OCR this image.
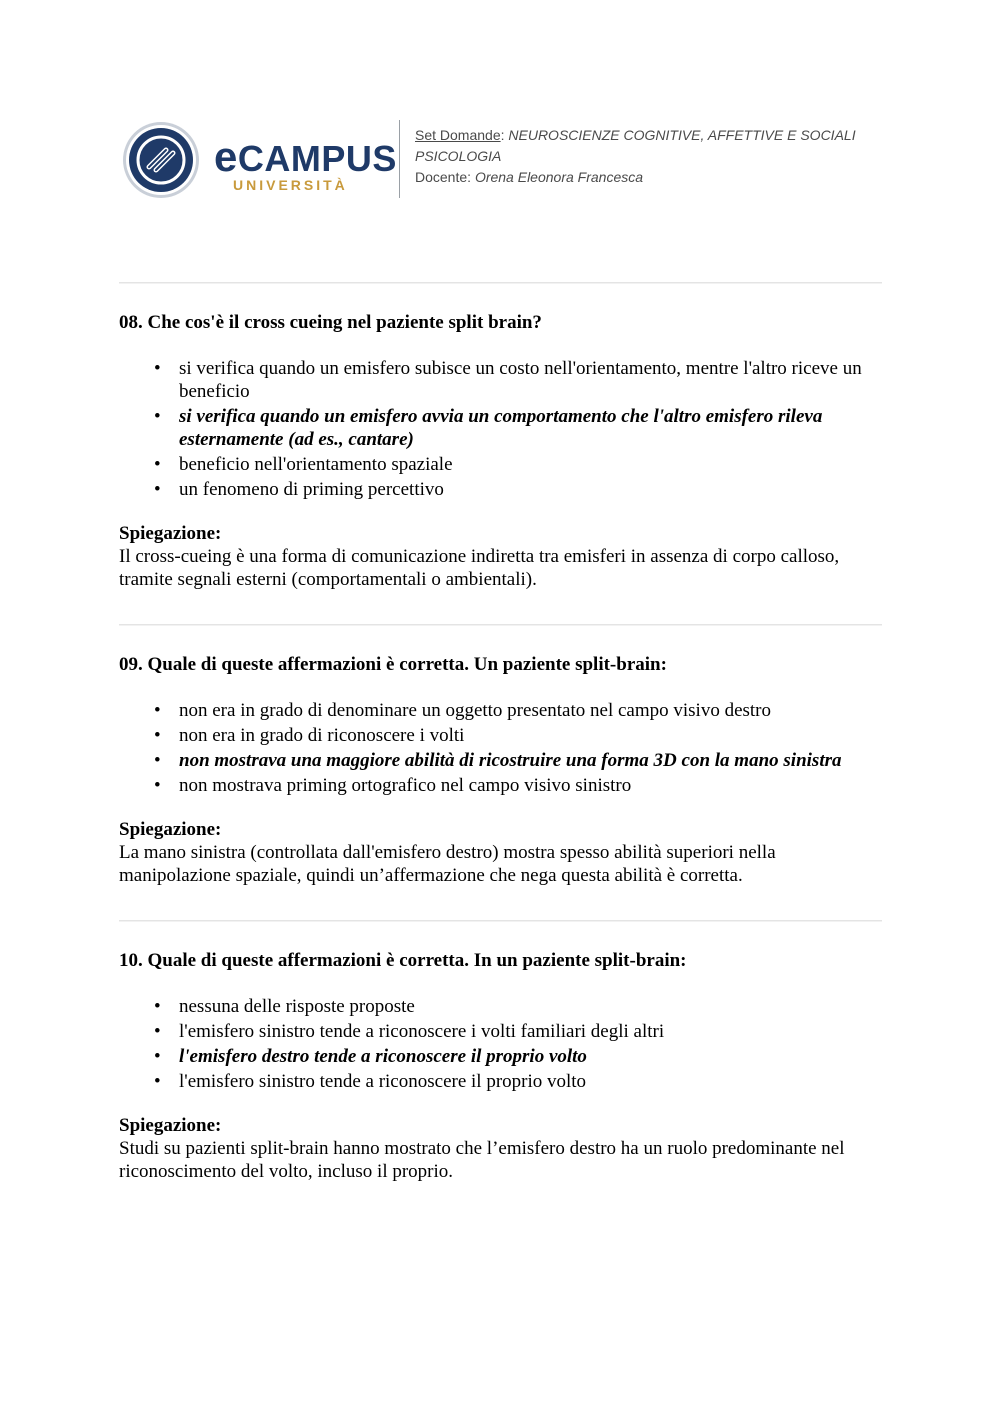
eCAMPUS
UNIVERSITÀ
Set Domande: NEUROSCIENZE COGNITIVE, AFFETTIVE E SOCIALI
PSICOLOGIA
Docente: Orena Eleonora Francesca
08. Che cos'è il cross cueing nel paziente split brain?
• si verifica quando un emisfero subisce un costo nell'orientamento, mentre l'altro riceve un beneficio
• si verifica quando un emisfero avvia un comportamento che l'altro emisfero rileva esternamente (ad es., cantare)
• beneficio nell'orientamento spaziale
• un fenomeno di priming percettivo
Spiegazione:
Il cross-cueing è una forma di comunicazione indiretta tra emisferi in assenza di corpo calloso, tramite segnali esterni (comportamentali o ambientali).
09. Quale di queste affermazioni è corretta. Un paziente split-brain:
• non era in grado di denominare un oggetto presentato nel campo visivo destro
• non era in grado di riconoscere i volti
• non mostrava una maggiore abilità di ricostruire una forma 3D con la mano sinistra
• non mostrava priming ortografico nel campo visivo sinistro
Spiegazione:
La mano sinistra (controllata dall'emisfero destro) mostra spesso abilità superiori nella manipolazione spaziale, quindi un’affermazione che nega questa abilità è corretta.
10. Quale di queste affermazioni è corretta. In un paziente split-brain:
• nessuna delle risposte proposte
• l'emisfero sinistro tende a riconoscere i volti familiari degli altri
• l'emisfero destro tende a riconoscere il proprio volto
• l'emisfero sinistro tende a riconoscere il proprio volto
Spiegazione:
Studi su pazienti split-brain hanno mostrato che l’emisfero destro ha un ruolo predominante nel riconoscimento del volto, incluso il proprio.
